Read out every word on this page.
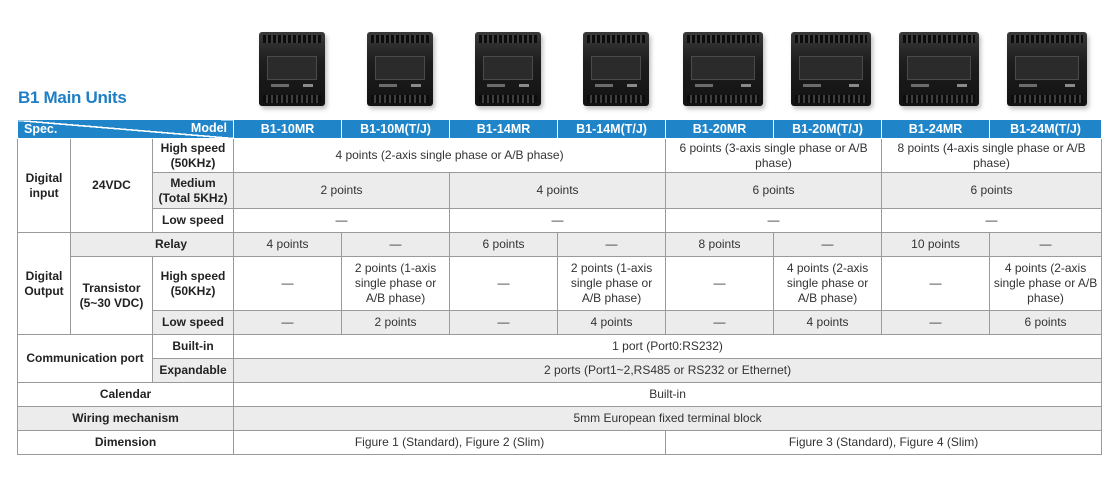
B1 Main Units
Spec. Model			B1-10MR	B1-10M(T/J)	B1-14MR	B1-14M(T/J)	B1-20MR	B1-20M(T/J)	B1-24MR	B1-24M(T/J)
Digital input	24VDC	High speed (50KHz)	4 points (2-axis single phase or A/B phase)				6 points (3-axis single phase or A/B phase)		8 points (4-axis single phase or A/B phase)	
		Medium (Total 5KHz)	2 points		4 points		6 points		6 points	
		Low speed	—		—		—		—	
Digital Output	Relay		4 points	—	6 points	—	8 points	—	10 points	—
	Transistor (5~30 VDC)	High speed (50KHz)	—	2 points (1-axis single phase or A/B phase)	—	2 points (1-axis single phase or A/B phase)	—	4 points (2-axis single phase or A/B phase)	—	4 points (2-axis single phase or A/B phase)
		Low speed	—	2 points	—	4 points	—	4 points	—	6 points
Communication port		Built-in	1 port (Port0:RS232)							
		Expandable	2 ports (Port1~2,RS485 or RS232 or Ethernet)							
Calendar			Built-in							
Wiring mechanism			5mm European fixed terminal block							
Dimension			Figure 1 (Standard), Figure 2 (Slim)				Figure 3 (Standard), Figure 4 (Slim)			
